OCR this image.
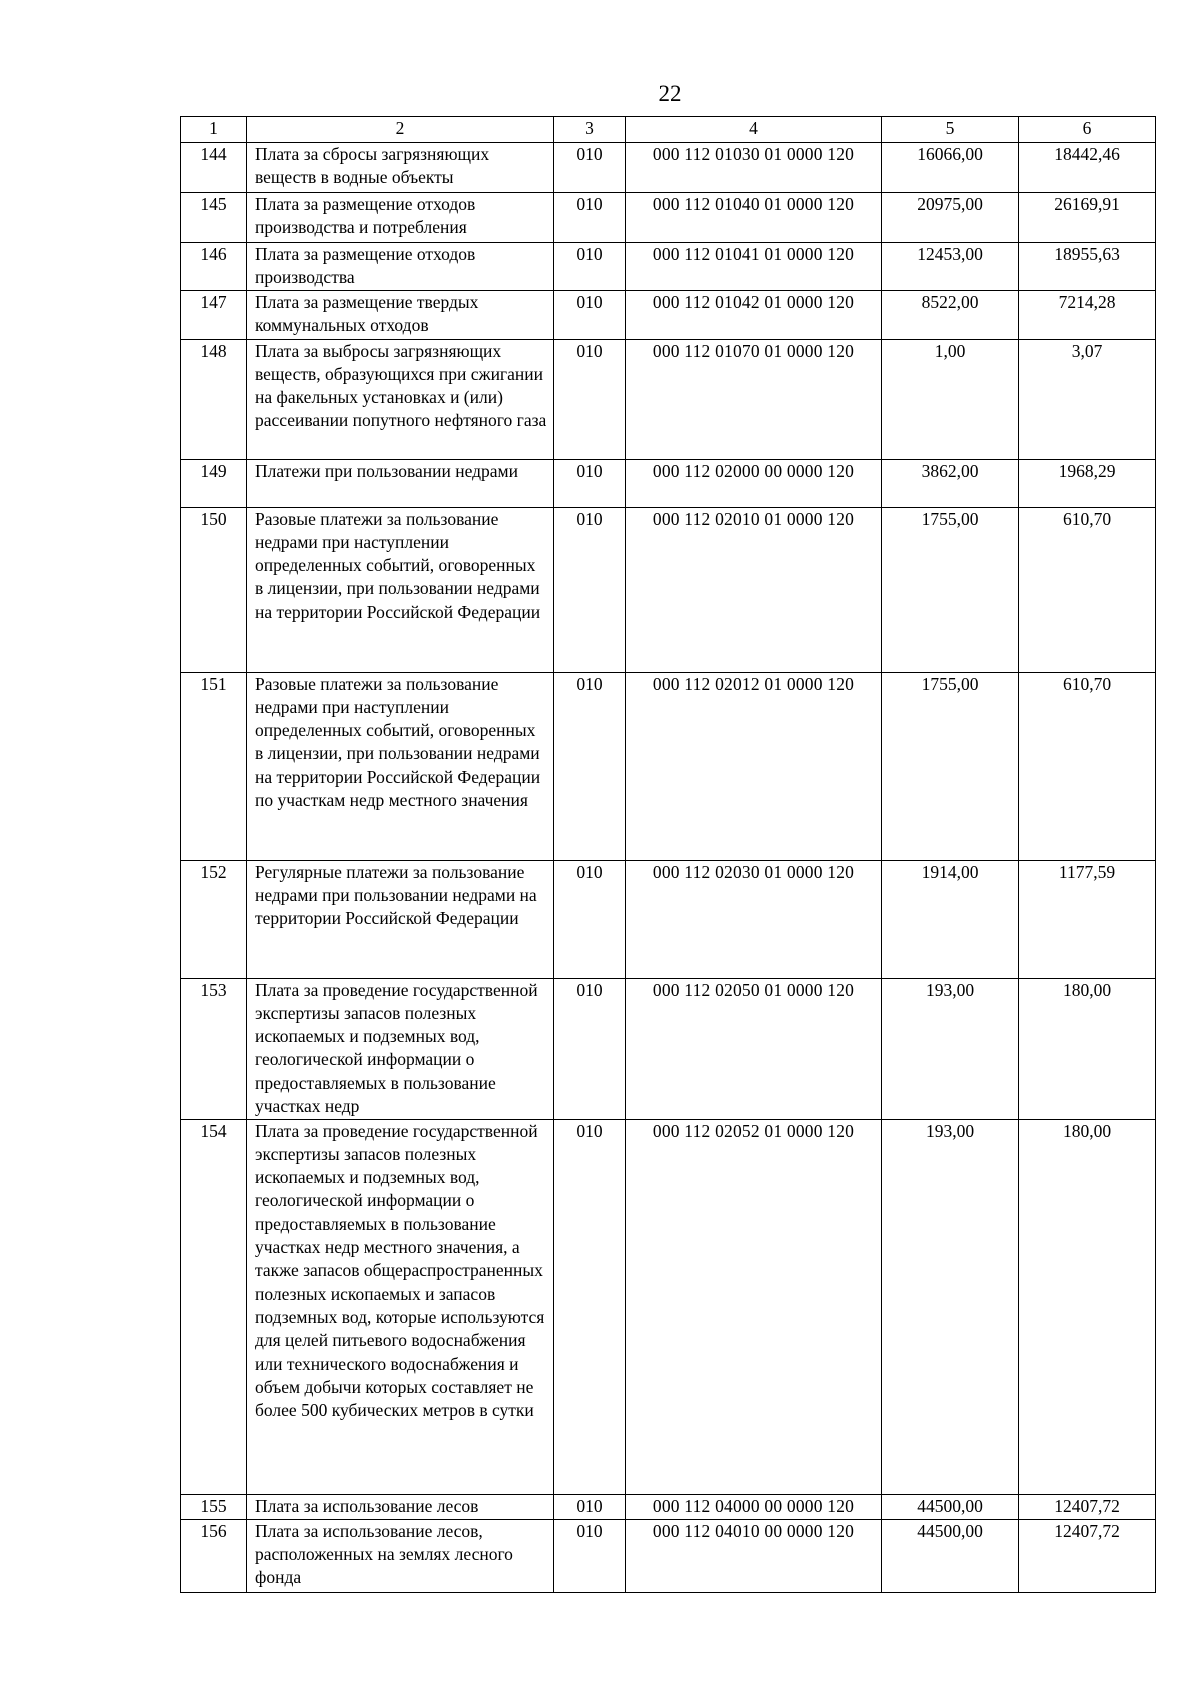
22
1	2	3	4	5	6
144	Плата за сбросы загрязняющих веществ в водные объекты	010	000 112 01030 01 0000 120	16066,00	18442,46
145	Плата за размещение отходов производства и потребления	010	000 112 01040 01 0000 120	20975,00	26169,91
146	Плата за размещение отходов производства	010	000 112 01041 01 0000 120	12453,00	18955,63
147	Плата за размещение твердых коммунальных отходов	010	000 112 01042 01 0000 120	8522,00	7214,28
148	Плата за выбросы загрязняющих веществ, образующихся при сжигании на факельных установках и (или) рассеивании попутного нефтяного газа	010	000 112 01070 01 0000 120	1,00	3,07
149	Платежи при пользовании недрами	010	000 112 02000 00 0000 120	3862,00	1968,29
150	Разовые платежи за пользование недрами при наступлении определенных событий, оговоренных в лицензии, при пользовании недрами на территории Российской Федерации	010	000 112 02010 01 0000 120	1755,00	610,70
151	Разовые платежи за пользование недрами при наступлении определенных событий, оговоренных в лицензии, при пользовании недрами на территории Российской Федерации по участкам недр местного значения	010	000 112 02012 01 0000 120	1755,00	610,70
152	Регулярные платежи за пользование недрами при пользовании недрами на территории Российской Федерации	010	000 112 02030 01 0000 120	1914,00	1177,59
153	Плата за проведение государственной экспертизы запасов полезных ископаемых и подземных вод, геологической информации о предоставляемых в пользование участках недр	010	000 112 02050 01 0000 120	193,00	180,00
154	Плата за проведение государственной экспертизы запасов полезных ископаемых и подземных вод, геологической информации о предоставляемых в пользование участках недр местного значения, а также запасов общераспространенных полезных ископаемых и запасов подземных вод, которые используются для целей питьевого водоснабжения или технического водоснабжения и объем добычи которых составляет не более 500 кубических метров в сутки	010	000 112 02052 01 0000 120	193,00	180,00
155	Плата за использование лесов	010	000 112 04000 00 0000 120	44500,00	12407,72
156	Плата за использование лесов, расположенных на землях лесного фонда	010	000 112 04010 00 0000 120	44500,00	12407,72
